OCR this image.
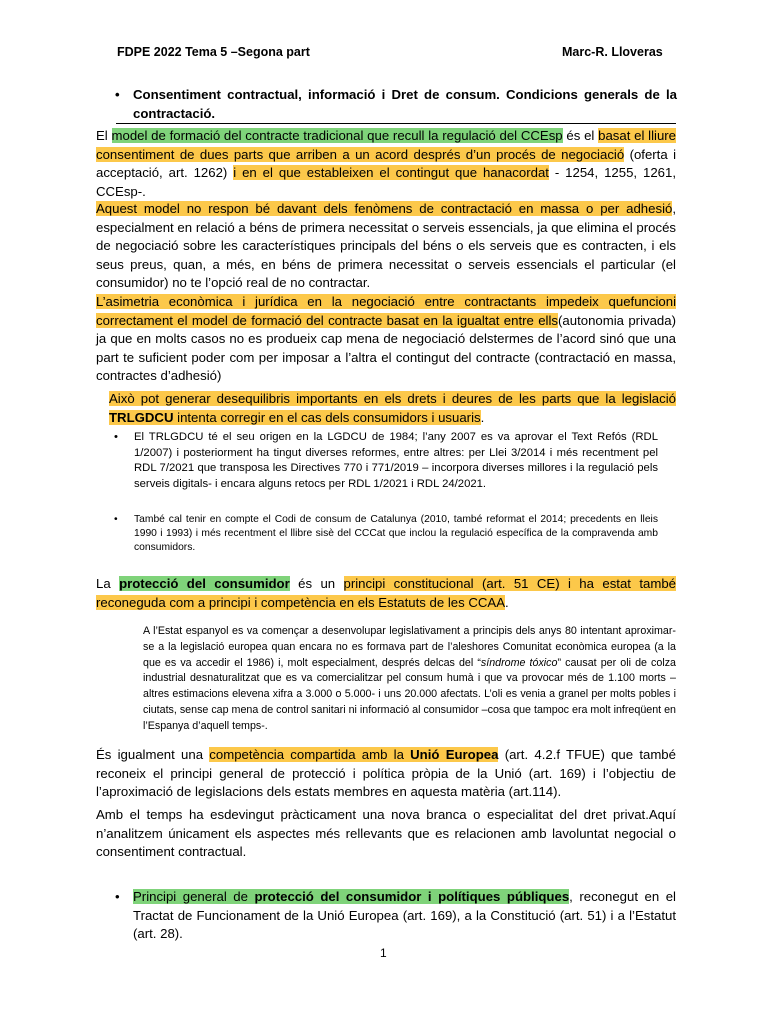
FDPE 2022 Tema 5 –Segona part	Marc-R. Lloveras
• Consentiment contractual, informació i Dret de consum. Condicions generals de la contractació.

El model de formació del contracte tradicional que recull la regulació del CCEsp és el basat el lliure consentiment de dues parts que arriben a un acord després d’un procés de negociació (oferta i acceptació, art. 1262) i en el que estableixen el contingut que hanacordat - 1254, 1255, 1261, CCEsp-.

Aquest model no respon bé davant dels fenòmens de contractació en massa o per adhesió, especialment en relació a béns de primera necessitat o serveis essencials, ja que elimina el procés de negociació sobre les característiques principals del béns o els serveis que es contracten, i els seus preus, quan, a més, en béns de primera necessitat o serveis essencials el particular (el consumidor) no te l’opció real de no contractar.

L’asimetria econòmica i jurídica en la negociació entre contractants impedeix quefuncioni correctament el model de formació del contracte basat en la igualtat entre ells(autonomia privada) ja que en molts casos no es produeix cap mena de negociació delstermes de l’acord sinó que una part te suficient poder com per imposar a l’altra el contingut del contracte (contractació en massa, contractes d’adhesió)

Això pot generar desequilibris importants en els drets i deures de les parts que la legislació TRLGDCU intenta corregir en el cas dels consumidors i usuaris.

• El TRLGDCU té el seu origen en la LGDCU de 1984; l’any 2007 es va aprovar el Text Refós (RDL 1/2007) i posteriorment ha tingut diverses reformes, entre altres: per Llei 3/2014 i més recentment pel RDL 7/2021 que transposa les Directives 770 i 771/2019 – incorpora diverses millores i la regulació pels serveis digitals- i encara alguns retocs per RDL 1/2021 i RDL 24/2021.
• També cal tenir en compte el Codi de consum de Catalunya (2010, també reformat el 2014; precedents en lleis 1990 i 1993) i més recentment el llibre sisè del CCCat que inclou la regulació específica de la compravenda amb consumidors.

La protecció del consumidor és un principi constitucional (art. 51 CE) i ha estat també reconeguda com a principi i competència en els Estatuts de les CCAA.

A l’Estat espanyol es va començar a desenvolupar legislativament a principis dels anys 80 intentant aproximar-se a la legislació europea quan encara no es formava part de l’aleshores Comunitat econòmica europea (a la que es va accedir el 1986) i, molt especialment, després delcas del “síndrome tóxico” causat per oli de colza industrial desnaturalitzat que es va comercialitzar pel consum humà i que va provocar més de 1.100 morts –altres estimacions elevena xifra a 3.000 o 5.000- i uns 20.000 afectats. L’oli es venia a granel per molts pobles i ciutats, sense cap mena de control sanitari ni informació al consumidor –cosa que tampoc era molt infreqüent en l’Espanya d’aquell temps-.

És igualment una competència compartida amb la Unió Europea (art. 4.2.f TFUE) que també reconeix el principi general de protecció i política pròpia de la Unió (art. 169) i l’objectiu de l’aproximació de legislacions dels estats membres en aquesta matèria (art.114).

Amb el temps ha esdevingut pràcticament una nova branca o especialitat del dret privat.Aquí n’analitzem únicament els aspectes més rellevants que es relacionen amb lavoluntat negocial o consentiment contractual.

• Principi general de protecció del consumidor i polítiques públiques, reconegut en el Tractat de Funcionament de la Unió Europea (art. 169), a la Constitució (art. 51) i a l’Estatut (art. 28).

1
